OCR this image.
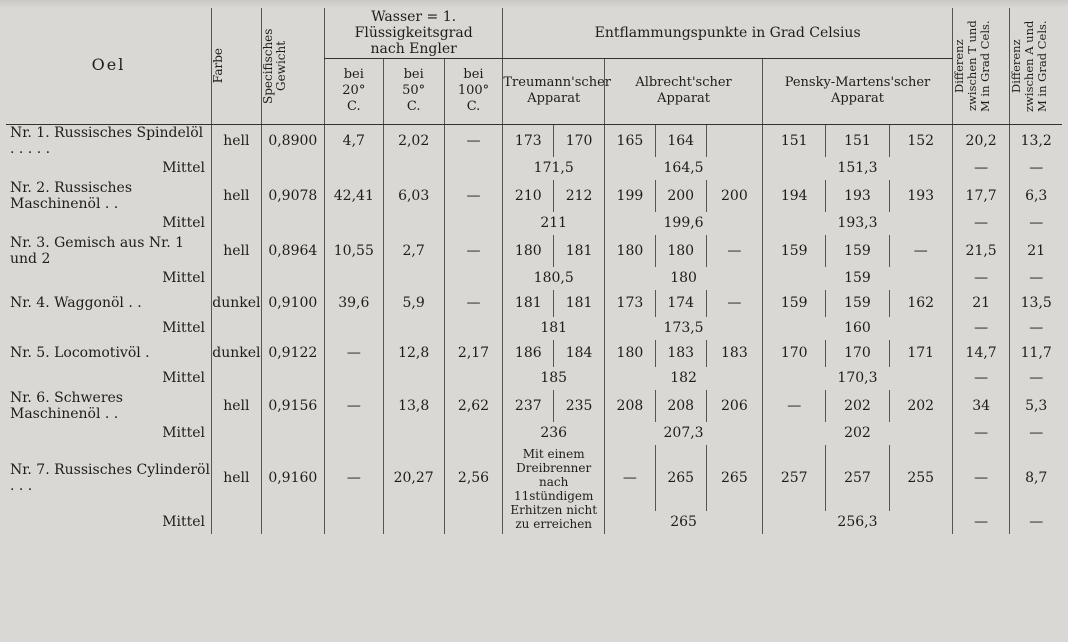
Oel	Farbe	Specifisches Gewicht	Wasser = 1. Flüssigkeitsgrad nach Engler			Entflammungspunkte in Grad Celsius								Differenz zwischen T und M in Grad Cels.	Differenz zwischen A und M in Grad Cels.

			bei 20° C.	bei 50° C.	bei 100° C.	Treumann'scher Apparat		Albrecht'scher Apparat			Pensky-Martens'scher Apparat				

Nr. 1. Russisches Spindelöl . . . . .	hell	0,8900	4,7	2,02	—	173	170	165	164		151	151	152	20,2	13,2
Mittel						171,5		164,5			151,3			—	—
Nr. 2. Russisches Maschinenöl . .	hell	0,9078	42,41	6,03	—	210	212	199	200	200	194	193	193	17,7	6,3
Mittel						211		199,6			193,3			—	—
Nr. 3. Gemisch aus Nr. 1 und 2	hell	0,8964	10,55	2,7	—	180	181	180	180	—	159	159	—	21,5	21
Mittel						180,5		180			159			—	—
Nr. 4. Waggonöl . .	dunkel	0,9100	39,6	5,9	—	181	181	173	174	—	159	159	162	21	13,5
Mittel						181		173,5			160			—	—
Nr. 5. Locomotivöl .	dunkel	0,9122	—	12,8	2,17	186	184	180	183	183	170	170	171	14,7	11,7
Mittel						185		182			170,3			—	—
Nr. 6. Schweres Maschinenöl . .	hell	0,9156	—	13,8	2,62	237	235	208	208	206	—	202	202	34	5,3
Mittel						236		207,3			202			—	—
Nr. 7. Russisches Cylinderöl . . .	hell	0,9160	—	20,27	2,56	Mit einem Dreibrenner nach 11stündigem Erhitzen nicht zu erreichen		—	265	265	257	257	255	—	8,7
Mittel								265			256,3			—	—
